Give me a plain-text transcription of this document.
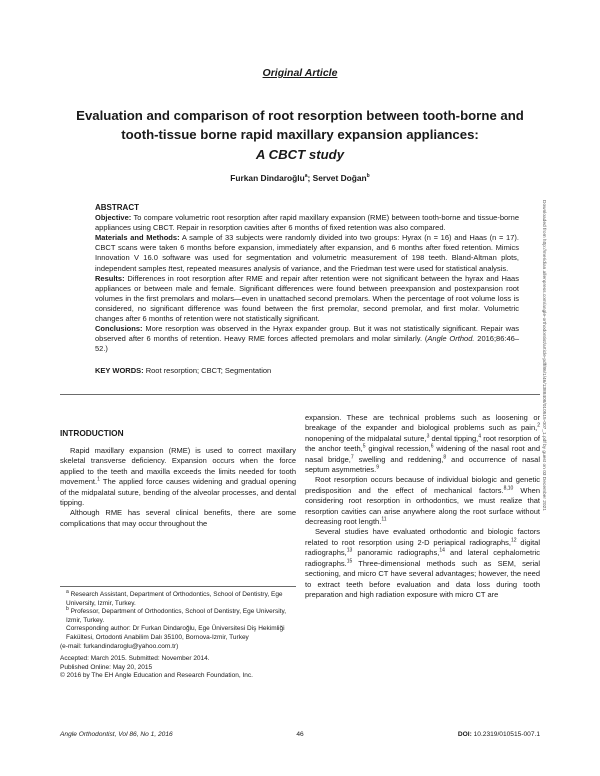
Original Article
Evaluation and comparison of root resorption between tooth-borne and
tooth-tissue borne rapid maxillary expansion appliances:
A CBCT study
Furkan Dindaroğlu$^a$; Servet Doğan$^b$

ABSTRACT

Objective: To compare volumetric root resorption after rapid maxillary expansion (RME) between tooth-borne and tissue-borne appliances using CBCT. Repair in resorption cavities after 6 months of fixed retention was also compared.

Materials and Methods: A sample of 33 subjects were randomly divided into two groups: Hyrax (n = 16) and Haas (n = 17). CBCT scans were taken 6 months before expansion, immediately after expansion, and 6 months after fixed retention. Mimics Innovation V 16.0 software was used for segmentation and volumetric measurement of 198 teeth. Bland-Altman plots, independent samples ttest, repeated measures analysis of variance, and the Friedman test were used for statistical analysis.

Results: Differences in root resorption after RME and repair after retention were not significant between the hyrax and Haas appliances or between male and female. Significant differences were found between preexpansion and postexpansion root volumes in the first premolars and molars—even in unattached second premolars. When the percentage of root volume loss is considered, no significant difference was found between the first premolar, second premolar, and first molar. Volumetric changes after 6 months of retention were not statistically significant.

Conclusions: More resorption was observed in the Hyrax expander group. But it was not statistically significant. Repair was observed after 6 months of retention. Heavy RME forces affected premolars and molar similarly. (Angle Orthod. 2016;86:46–52.)

KEY WORDS: Root resorption; CBCT; Segmentation
INTRODUCTION

Rapid maxillary expansion (RME) is used to correct maxillary skeletal transverse deficiency. Expansion occurs when the force applied to the teeth and maxilla exceeds the limits needed for tooth movement.$^1$ The applied force causes widening and gradual opening of the midpalatal suture, bending of the alveolar processes, and dental tipping.

Although RME has several clinical benefits, there are some complications that may occur throughout the

$^a$ Research Assistant, Department of Orthodontics, School of Dentistry, Ege University, Izmir, Turkey.

$^b$ Professor, Department of Orthodontics, School of Dentistry, Ege University, Izmir, Turkey.

Corresponding author: Dr Furkan Dindaroğlu, Ege Üniversitesi Diş Hekimliği Fakültesi, Ortodonti Anabilim Dalı 35100, Bornova-Izmir, Turkey

(e-mail: furkandindaroglu@yahoo.com.tr)

Accepted: March 2015. Submitted: November 2014.

Published Online: May 20, 2015

© 2016 by The EH Angle Education and Research Foundation, Inc.

expansion. These are technical problems such as loosening or breakage of the expander and biological problems such as pain,$^2$ nonopening of the midpalatal suture,$^3$ dental tipping,$^4$ root resorption of the anchor teeth,$^5$ gingival recession,$^6$ widening of the nasal root and nasal bridge,$^7$ swelling and reddening,$^8$ and occurrence of nasal septum asymmetries.$^9$

Root resorption occurs because of individual biologic and genetic predisposition and the effect of mechanical factors.$^{8,10}$ When considering root resorption in orthodontics, we must realize that resorption cavities can arise anywhere along the root surface without decreasing root length.$^{11}$

Several studies have evaluated orthodontic and biologic factors related to root resorption using 2-D periapical radiographs,$^{12}$ digital radiographs,$^{13}$ panoramic radiographs,$^{14}$ and lateral cephalometric radiographs.$^{15}$ Three-dimensional methods such as SEM, serial sectioning, and micro CT have several advantages; however, the need to extract teeth before evaluation and data loss during tooth preparation and high radiation exposure with micro CT are

Angle Orthodontist, Vol 86, No 1, 2016	46	DOI: 10.2319/010515-007.1
Downloaded from http://meridian.allenpress.com/angle-orthodontist/article-pdf/86/1/46/1388408/010515-007_1.pdf by guest on 03 December 2021
